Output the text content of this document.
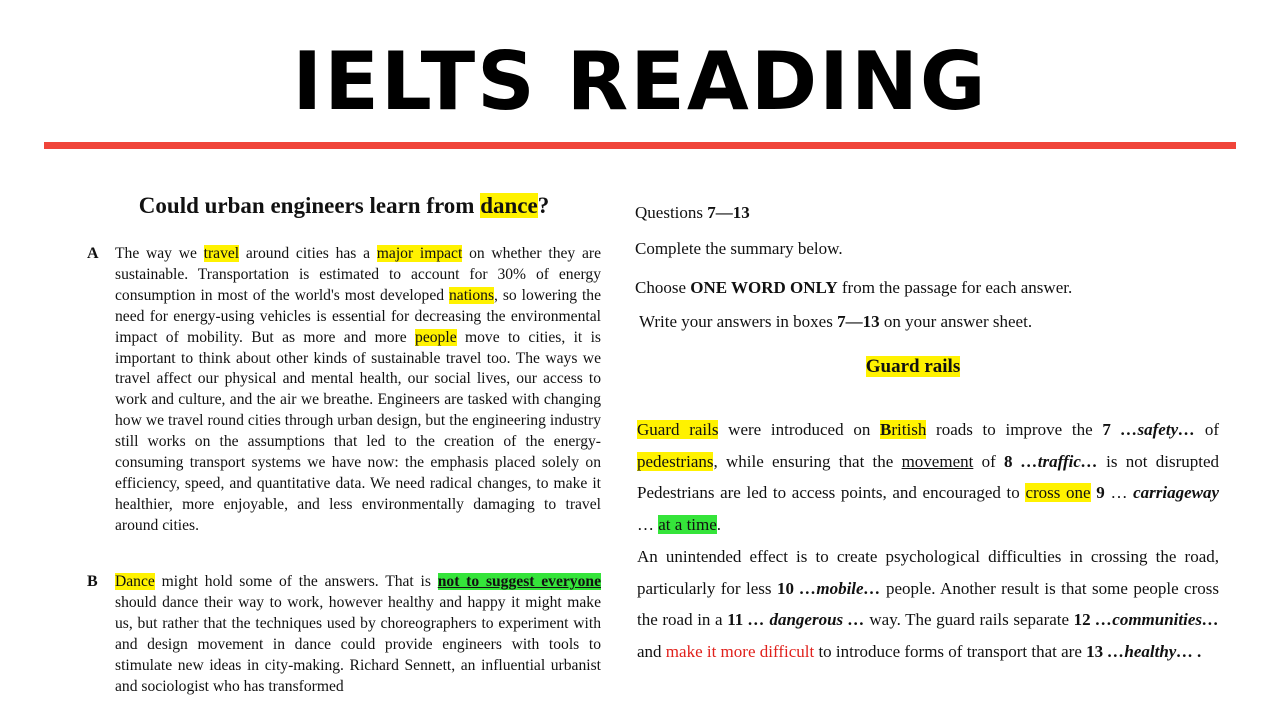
IELTS READING
Could urban engineers learn from dance?
A The way we travel around cities has a major impact on whether they are sustainable. Transportation is estimated to account for 30% of energy consumption in most of the world's most developed nations, so lowering the need for energy-using vehicles is essential for decreasing the environmental impact of mobility. But as more and more people move to cities, it is important to think about other kinds of sustainable travel too. The ways we travel affect our physical and mental health, our social lives, our access to work and culture, and the air we breathe. Engineers are tasked with changing how we travel round cities through urban design, but the engineering industry still works on the assumptions that led to the creation of the energy-consuming transport systems we have now: the emphasis placed solely on efficiency, speed, and quantitative data. We need radical changes, to make it healthier, more enjoyable, and less environmentally damaging to travel around cities.
B Dance might hold some of the answers. That is not to suggest everyone should dance their way to work, however healthy and happy it might make us, but rather that the techniques used by choreographers to experiment with and design movement in dance could provide engineers with tools to stimulate new ideas in city-making. Richard Sennett, an influential urbanist and sociologist who has transformed
Questions 7—13
Complete the summary below.
Choose ONE WORD ONLY from the passage for each answer.
Write your answers in boxes 7—13 on your answer sheet.
Guard rails

Guard rails were introduced on British roads to improve the 7 …safety… of pedestrians, while ensuring that the movement of 8 …traffic… is not disrupted Pedestrians are led to access points, and encouraged to cross one 9 … carriageway … at a time.

An unintended effect is to create psychological difficulties in crossing the road, particularly for less 10 …mobile… people. Another result is that some people cross the road in a 11 … dangerous … way. The guard rails separate 12 …communities… and make it more difficult to introduce forms of transport that are 13 …healthy… .
